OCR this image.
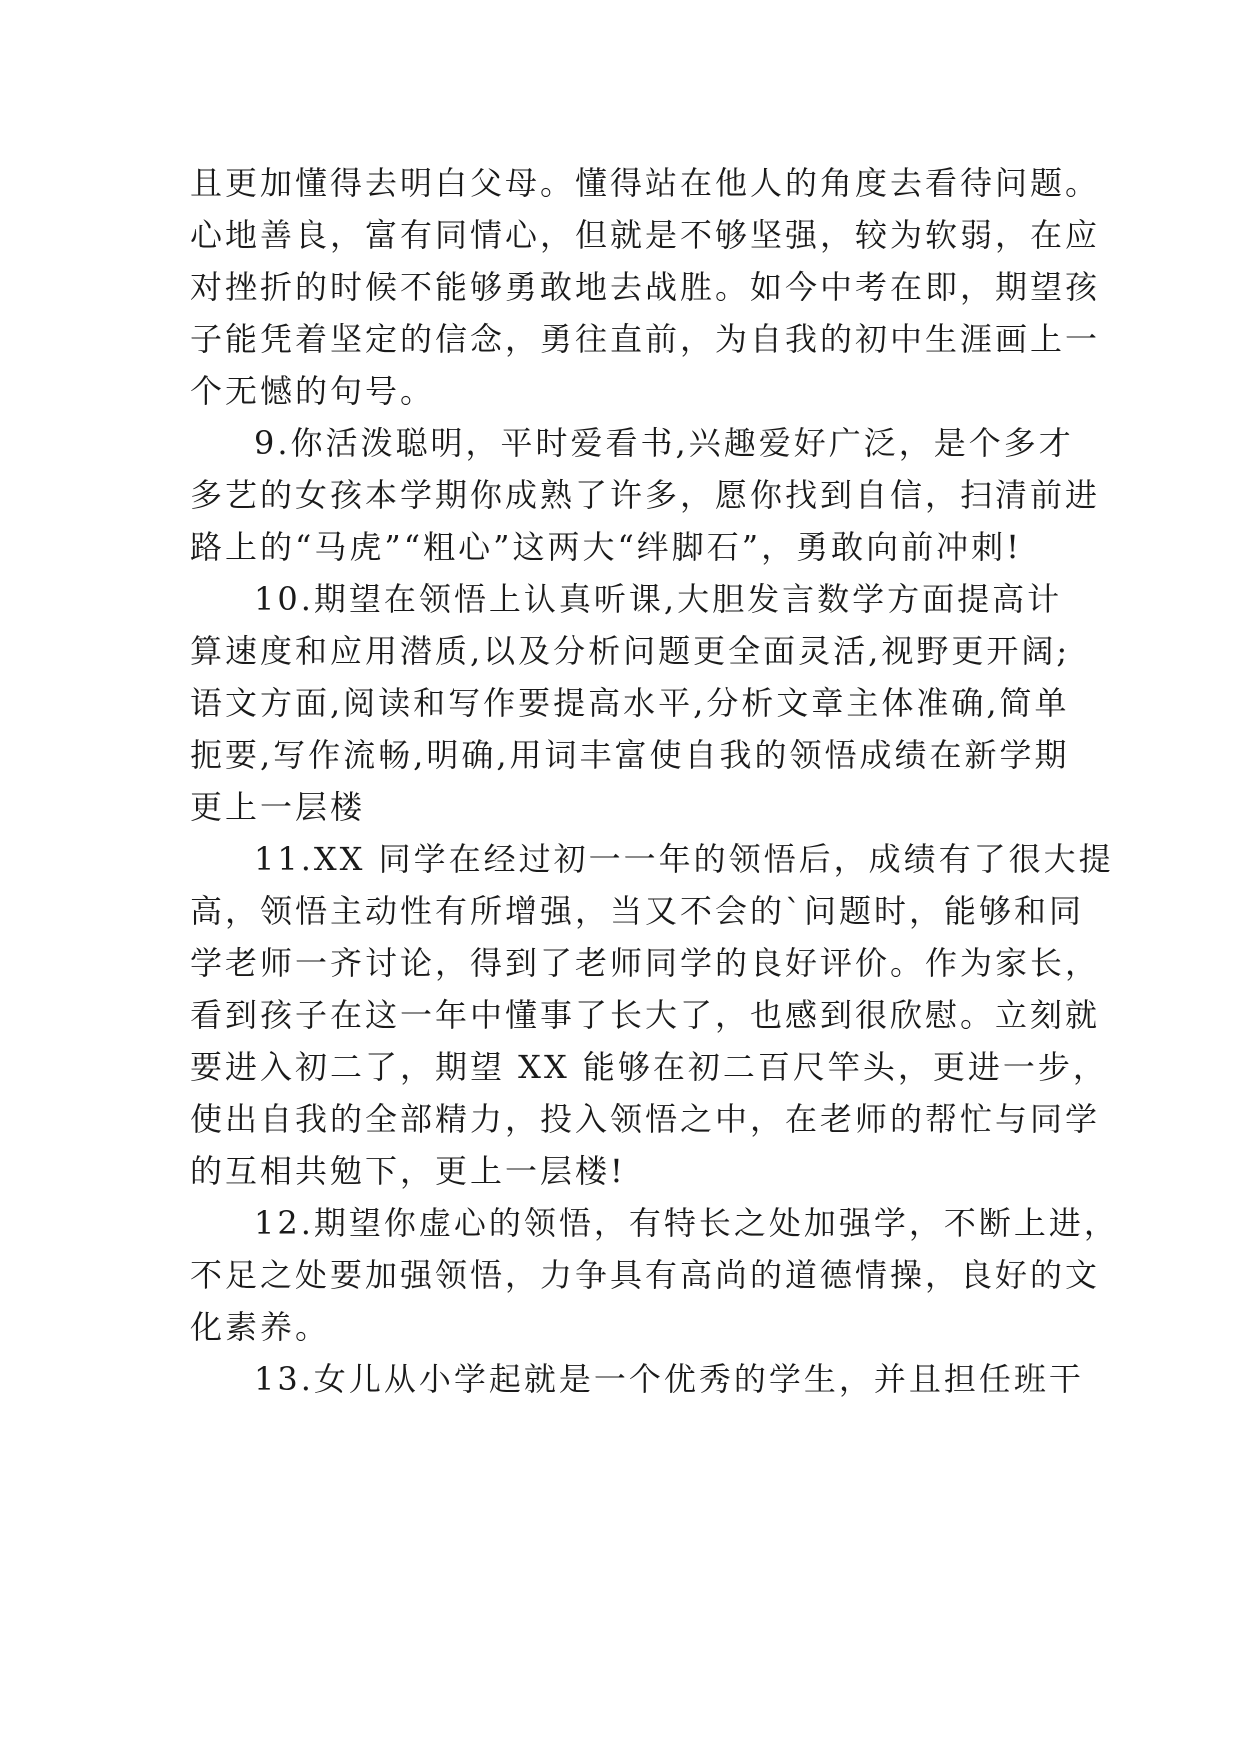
且更加懂得去明白父母。懂得站在他人的角度去看待问题。
心地善良，富有同情心，但就是不够坚强，较为软弱，在应
对挫折的时候不能够勇敢地去战胜。如今中考在即，期望孩
子能凭着坚定的信念，勇往直前，为自我的初中生涯画上一
个无憾的句号。
9.你活泼聪明，平时爱看书,兴趣爱好广泛，是个多才
多艺的女孩本学期你成熟了许多，愿你找到自信，扫清前进
路上的“马虎”“粗心”这两大“绊脚石”，勇敢向前冲刺!
10.期望在领悟上认真听课,大胆发言数学方面提高计
算速度和应用潜质,以及分析问题更全面灵活,视野更开阔;
语文方面,阅读和写作要提高水平,分析文章主体准确,简单
扼要,写作流畅,明确,用词丰富使自我的领悟成绩在新学期
更上一层楼
11.XX 同学在经过初一一年的领悟后，成绩有了很大提
高，领悟主动性有所增强，当又不会的`问题时，能够和同
学老师一齐讨论，得到了老师同学的良好评价。作为家长，
看到孩子在这一年中懂事了长大了，也感到很欣慰。立刻就
要进入初二了，期望 XX 能够在初二百尺竿头，更进一步，
使出自我的全部精力，投入领悟之中，在老师的帮忙与同学
的互相共勉下，更上一层楼!
12.期望你虚心的领悟，有特长之处加强学，不断上进，
不足之处要加强领悟，力争具有高尚的道德情操，良好的文
化素养。
13.女儿从小学起就是一个优秀的学生，并且担任班干
